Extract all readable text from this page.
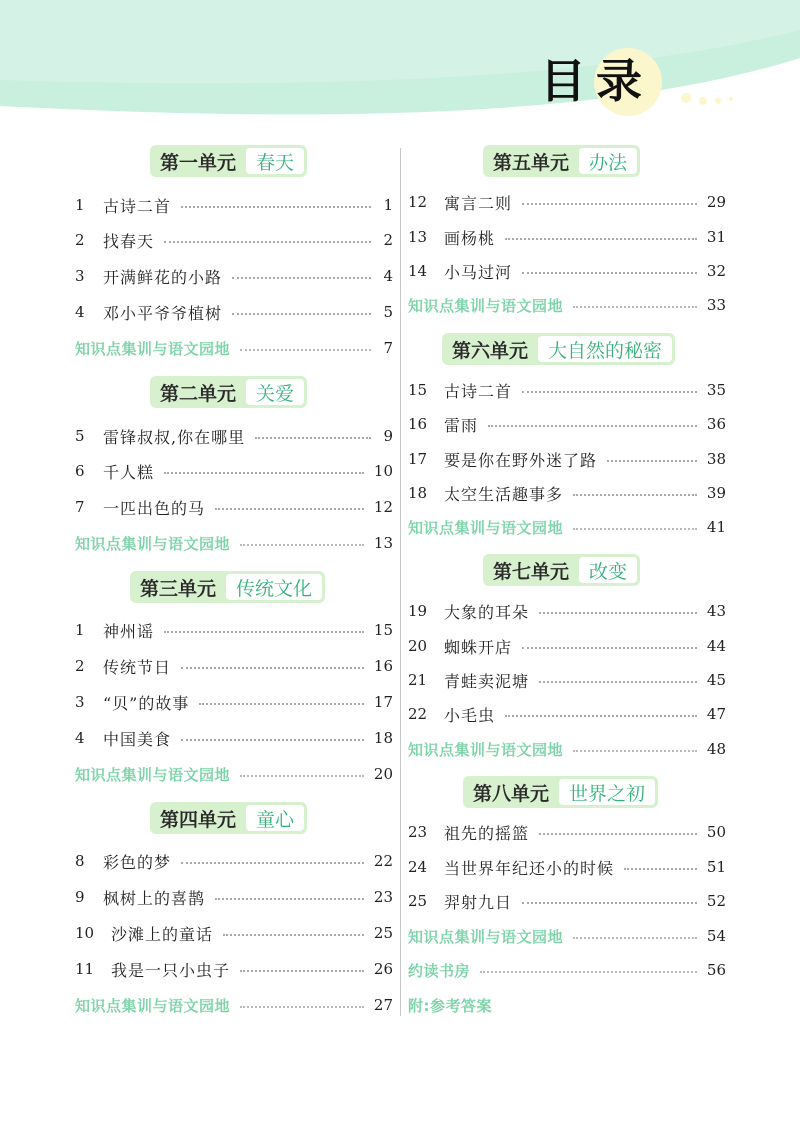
目录
第一单元	春天
1	古诗二首	1
2	找春天	2
3	开满鲜花的小路	4
4	邓小平爷爷植树	5
知识点集训与语文园地	7
第二单元	关爱
5	雷锋叔叔,你在哪里	9
6	千人糕	10
7	一匹出色的马	12
知识点集训与语文园地	13
第三单元	传统文化
1	神州谣	15
2	传统节日	16
3	“贝”的故事	17
4	中国美食	18
知识点集训与语文园地	20
第四单元	童心
8	彩色的梦	22
9	枫树上的喜鹊	23
10	沙滩上的童话	25
11	我是一只小虫子	26
知识点集训与语文园地	27
第五单元	办法
12	寓言二则	29
13	画杨桃	31
14	小马过河	32
知识点集训与语文园地	33
第六单元	大自然的秘密
15	古诗二首	35
16	雷雨	36
17	要是你在野外迷了路	38
18	太空生活趣事多	39
知识点集训与语文园地	41
第七单元	改变
19	大象的耳朵	43
20	蜘蛛开店	44
21	青蛙卖泥塘	45
22	小毛虫	47
知识点集训与语文园地	48
第八单元	世界之初
23	祖先的摇篮	50
24	当世界年纪还小的时候	51
25	羿射九日	52
知识点集训与语文园地	54
约读书房	56
附:参考答案
